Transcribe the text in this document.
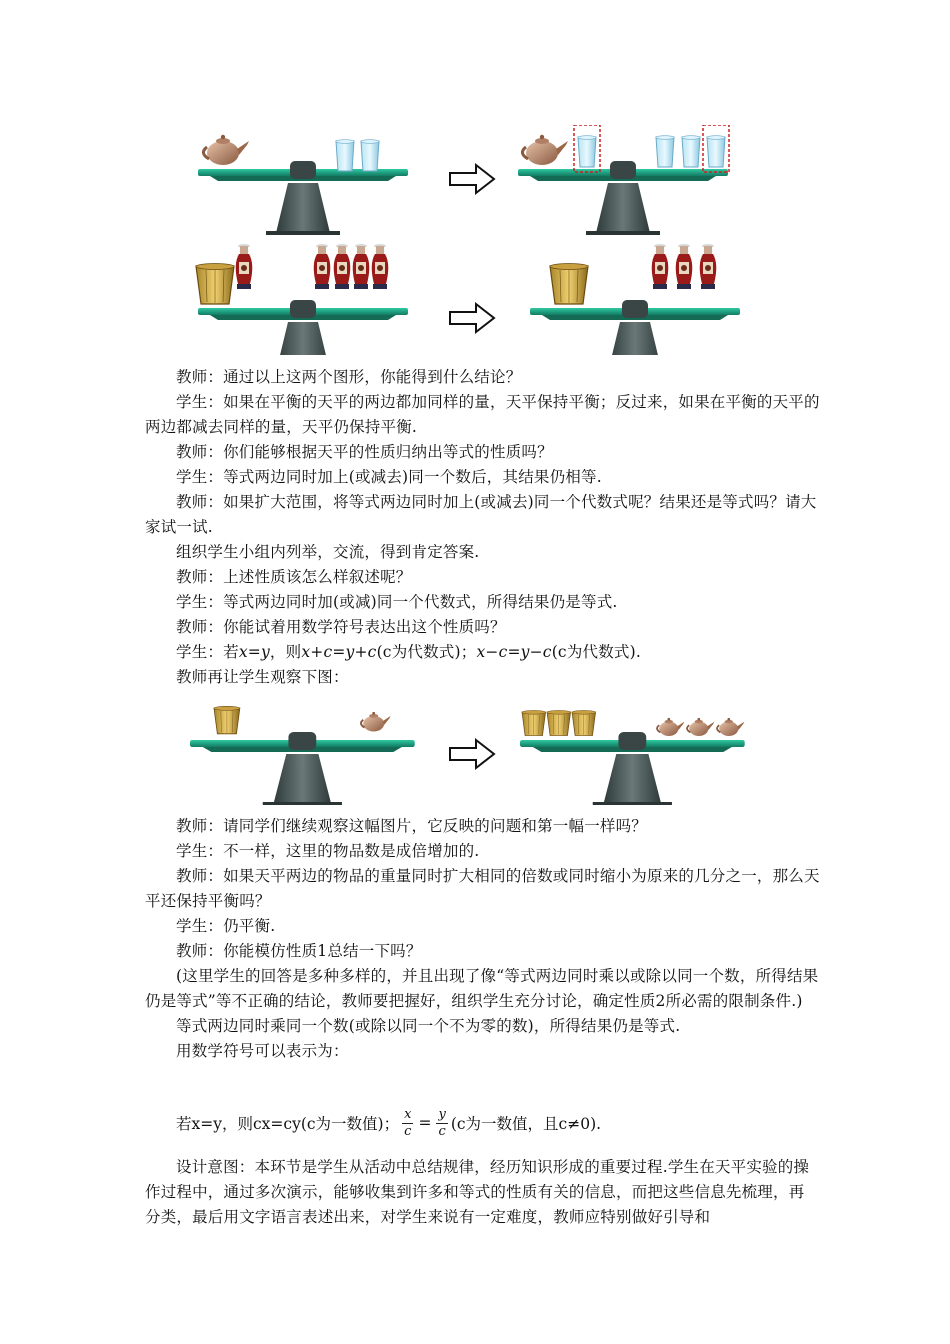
教师：通过以上这两个图形，你能得到什么结论？

学生：如果在平衡的天平的两边都加同样的量，天平保持平衡；反过来，如果在平衡的天平的两边都减去同样的量，天平仍保持平衡.

教师：你们能够根据天平的性质归纳出等式的性质吗？

学生：等式两边同时加上(或减去)同一个数后，其结果仍相等.

教师：如果扩大范围，将等式两边同时加上(或减去)同一个代数式呢？结果还是等式吗？请大家试一试.

组织学生小组内列举，交流，得到肯定答案.

教师：上述性质该怎么样叙述呢？

学生：等式两边同时加(或减)同一个代数式，所得结果仍是等式.

教师：你能试着用数学符号表达出这个性质吗？

学生：若x=y，则x+c=y+c(c为代数式)；x−c=y−c(c为代数式).

教师再让学生观察下图：

教师：请同学们继续观察这幅图片，它反映的问题和第一幅一样吗？

学生：不一样，这里的物品数是成倍增加的.

教师：如果天平两边的物品的重量同时扩大相同的倍数或同时缩小为原来的几分之一，那么天平还保持平衡吗？

学生：仍平衡.

教师：你能模仿性质1总结一下吗？

(这里学生的回答是多种多样的，并且出现了像“等式两边同时乘以或除以同一个数，所得结果仍是等式”等不正确的结论，教师要把握好，组织学生充分讨论，确定性质2所必需的限制条件.)

等式两边同时乘同一个数(或除以同一个不为零的数)，所得结果仍是等式.

用数学符号可以表示为：

若x=y，则cx=cy(c为一数值)； $\frac{x}{c} = \frac{y}{c} (c$为一数值，且c≠0).

设计意图：本环节是学生从活动中总结规律，经历知识形成的重要过程.学生在天平实验的操作过程中，通过多次演示，能够收集到许多和等式的性质有关的信息，而把这些信息先梳理，再分类，最后用文字语言表述出来，对学生来说有一定难度，教师应特别做好引导和
